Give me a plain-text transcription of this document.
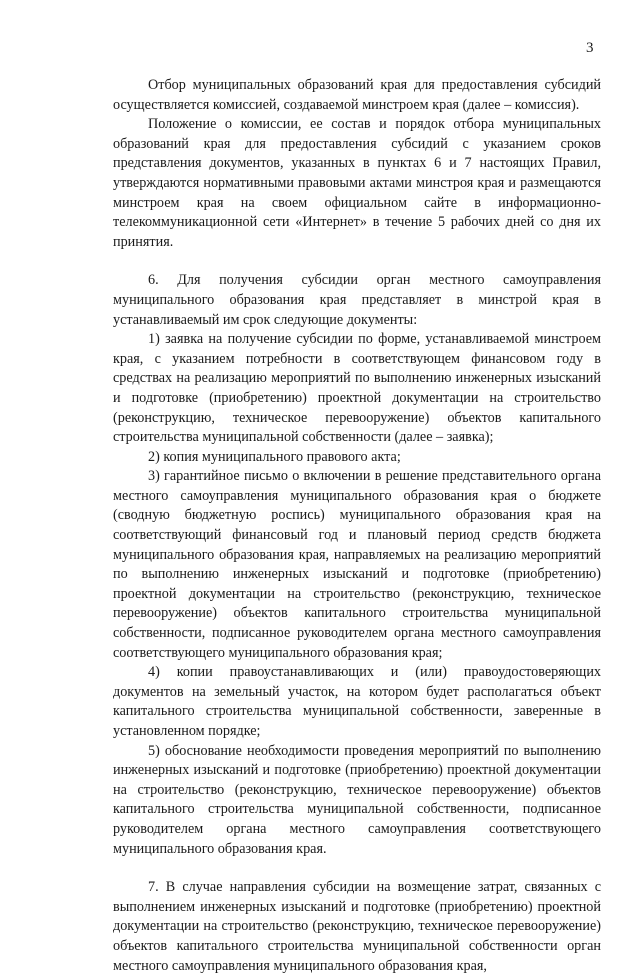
3

Отбор муниципальных образований края для предоставления субсидий осуществляется комиссией, создаваемой минстроем края (далее – комиссия).

Положение о комиссии, ее состав и порядок отбора муниципальных образований края для предоставления субсидий с указанием сроков представления документов, указанных в пунктах 6 и 7 настоящих Правил, утверждаются нормативными правовыми актами минстроя края и размещаются минстроем края на своем официальном сайте в информационно-телекоммуникационной сети «Интернет» в течение 5 рабочих дней со дня их принятия.

6. Для получения субсидии орган местного самоуправления муниципального образования края представляет в минстрой края в устанавливаемый им срок следующие документы:

1) заявка на получение субсидии по форме, устанавливаемой минстроем края, с указанием потребности в соответствующем финансовом году в средствах на реализацию мероприятий по выполнению инженерных изысканий и подготовке (приобретению) проектной документации на строительство (реконструкцию, техническое перевооружение) объектов капитального строительства муниципальной собственности (далее – заявка);

2) копия муниципального правового акта;

3) гарантийное письмо о включении в решение представительного органа местного самоуправления муниципального образования края о бюджете (сводную бюджетную роспись) муниципального образования края на соответствующий финансовый год и плановый период средств бюджета муниципального образования края, направляемых на реализацию мероприятий по выполнению инженерных изысканий и подготовке (приобретению) проектной документации на строительство (реконструкцию, техническое перевооружение) объектов капитального строительства муниципальной собственности, подписанное руководителем органа местного самоуправления соответствующего муниципального образования края;

4) копии правоустанавливающих и (или) правоудостоверяющих документов на земельный участок, на котором будет располагаться объект капитального строительства муниципальной собственности, заверенные в установленном порядке;

5) обоснование необходимости проведения мероприятий по выполнению инженерных изысканий и подготовке (приобретению) проектной документации на строительство (реконструкцию, техническое перевооружение) объектов капитального строительства муниципальной собственности, подписанное руководителем органа местного самоуправления соответствующего муниципального образования края.

7. В случае направления субсидии на возмещение затрат, связанных с выполнением инженерных изысканий и подготовке (приобретению) проектной документации на строительство (реконструкцию, техническое перевооружение) объектов капитального строительства муниципальной собственности орган местного самоуправления муниципального образования края,
